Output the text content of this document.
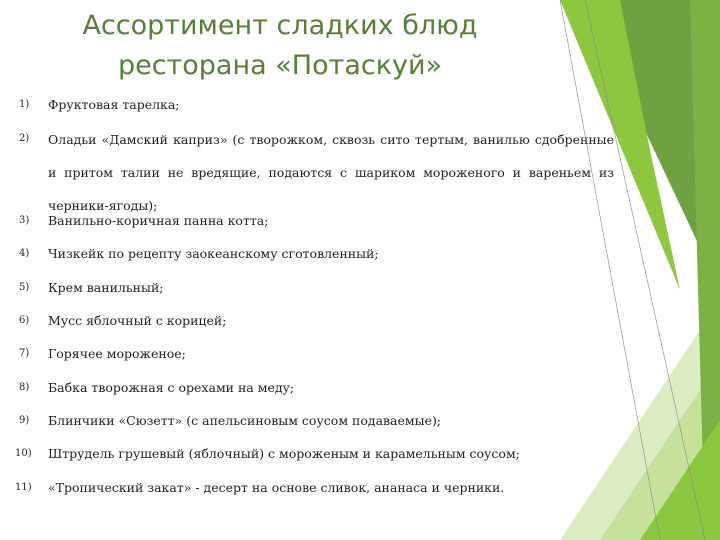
Ассортимент сладких блюд
ресторана «Потаскуй»
1)	Фруктовая тарелка;
2)	Оладьи «Дамский каприз» (с творожком, сквозь сито тертым, ванилью сдобренные и притом талии не вредящие, подаются с шариком мороженого и вареньем из черники-ягоды);
3)	Ванильно-коричная панна котта;
4)	Чизкейк по рецепту заокеанскому сготовленный;
5)	Крем ванильный;
6)	Мусс яблочный с корицей;
7)	Горячее мороженое;
8)	Бабка творожная с орехами на меду;
9)	Блинчики «Сюзетт» (с апельсиновым соусом подаваемые);
10)	Штрудель грушевый (яблочный) с мороженым и карамельным соусом;
11)	«Тропический закат» - десерт на основе сливок, ананаса и черники.
